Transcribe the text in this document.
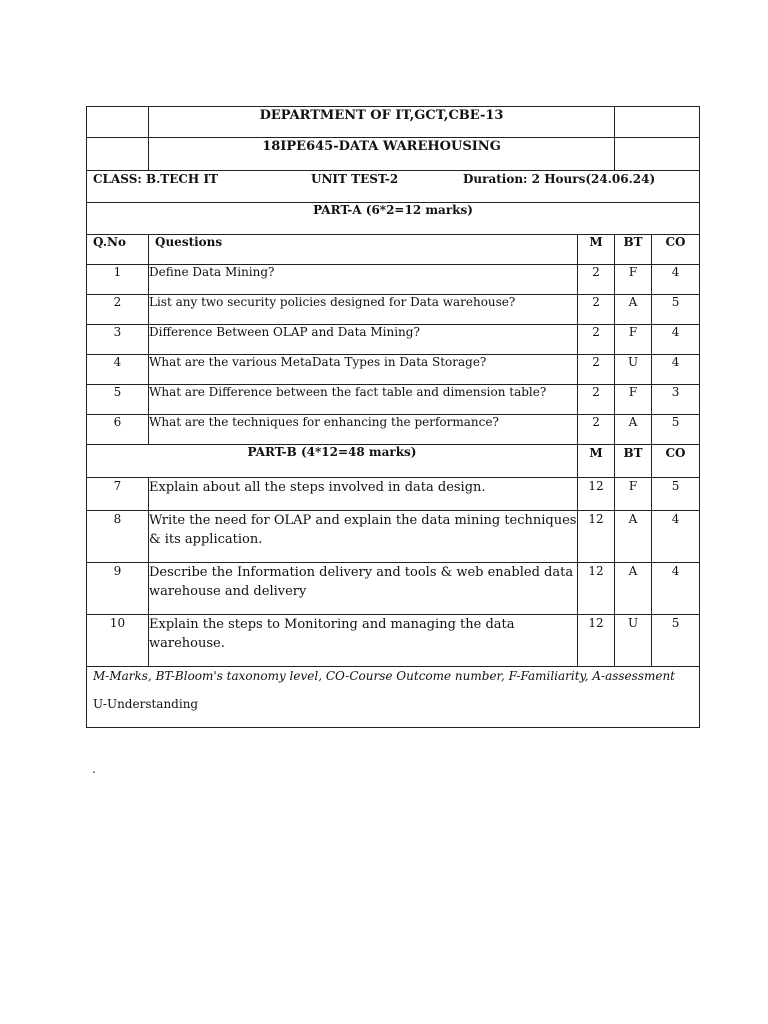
	DEPARTMENT OF IT,GCT,CBE-13			
	18IPE645-DATA WAREHOUSING			

CLASS: B.TECH IT UNIT TEST-2 Duration: 2 Hours(24.06.24)				

PART-A (6*2=12 marks)				
Q.No	Questions	M	BT	CO
1	Define Data Mining?	2	F	4
2	List any two security policies designed for Data warehouse?	2	A	5
3	Difference Between OLAP and Data Mining?	2	F	4
4	What are the various MetaData Types in Data Storage?	2	U	4
5	What are Difference between the fact table and dimension table?	2	F	3
6	What are the techniques for enhancing the performance?	2	A	5
PART-B (4*12=48 marks)		M	BT	CO
7	Explain about all the steps involved in data design.	12	F	5
8	Write the need for OLAP and explain the data mining techniques & its application.	12	A	4
9	Describe the Information delivery and tools & web enabled data warehouse and delivery	12	A	4
10	Explain the steps to Monitoring and managing the data warehouse.	12	U	5

M-Marks, BT-Bloom's taxonomy level, CO-Course Outcome number, F-Familiarity, A-assessment
U-Understanding				
.
